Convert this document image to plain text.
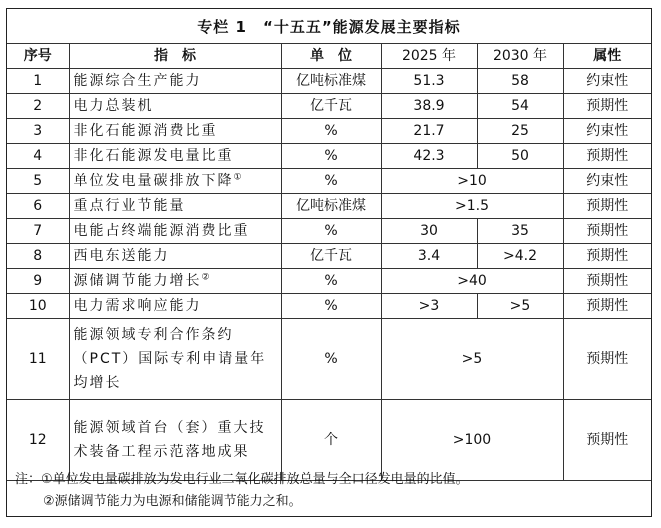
专栏 1　“十五五”能源发展主要指标
序号	指　标	单　位	2025 年	2030 年	属性
1	能源综合生产能力	亿吨标准煤	51.3	58	约束性
2	电力总装机	亿千瓦	38.9	54	预期性
3	非化石能源消费比重	%	21.7	25	约束性
4	非化石能源发电量比重	%	42.3	50	预期性
5	单位发电量碳排放下降①	%	>10		约束性
6	重点行业节能量	亿吨标准煤	>1.5		预期性
7	电能占终端能源消费比重	%	30	35	预期性
8	西电东送能力	亿千瓦	3.4	>4.2	预期性
9	源储调节能力增长②	%	>40		预期性
10	电力需求响应能力	%	>3	>5	预期性
11	能源领域专利合作条约（PCT）国际专利申请量年均增长	%	>5		预期性
12	能源领域首台（套）重大技术装备工程示范落地成果	个	>100		预期性
注：①单位发电量碳排放为发电行业二氧化碳排放总量与全口径发电量的比值。
②源储调节能力为电源和储能调节能力之和。
